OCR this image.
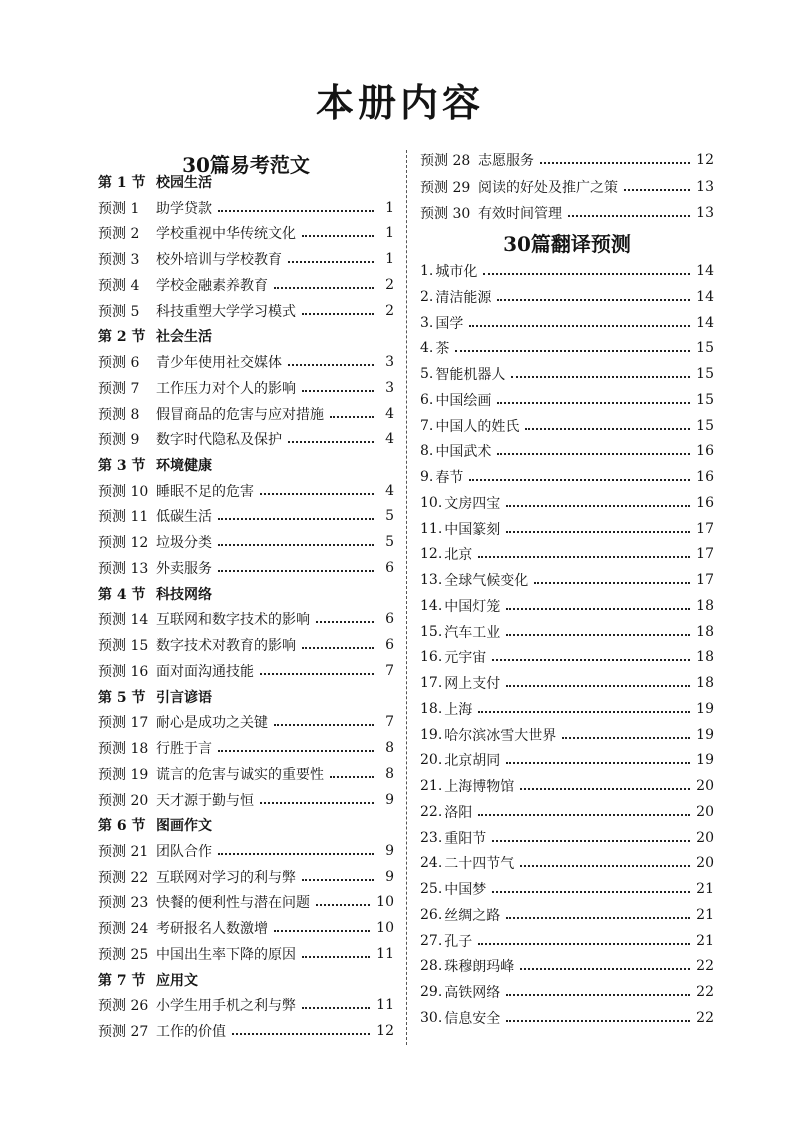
本册内容
30篇易考范文
第 1 节 校园生活
预测 1	助学贷款	1
预测 2	学校重视中华传统文化	1
预测 3	校外培训与学校教育	1
预测 4	学校金融素养教育	2
预测 5	科技重塑大学学习模式	2
第 2 节 社会生活
预测 6	青少年使用社交媒体	3
预测 7	工作压力对个人的影响	3
预测 8	假冒商品的危害与应对措施	4
预测 9	数字时代隐私及保护	4
第 3 节 环境健康
预测 10 睡眠不足的危害	4
预测 11 低碳生活	5
预测 12 垃圾分类	5
预测 13 外卖服务	6
第 4 节 科技网络
预测 14 互联网和数字技术的影响	6
预测 15 数字技术对教育的影响	6
预测 16 面对面沟通技能	7
第 5 节 引言谚语
预测 17 耐心是成功之关键	7
预测 18 行胜于言	8
预测 19 谎言的危害与诚实的重要性	8
预测 20 天才源于勤与恒	9
第 6 节 图画作文
预测 21 团队合作	9
预测 22 互联网对学习的利与弊	9
预测 23 快餐的便利性与潜在问题	10
预测 24 考研报名人数激增	10
预测 25 中国出生率下降的原因	11
第 7 节 应用文
预测 26 小学生用手机之利与弊	11
预测 27 工作的价值	12
预测 28 志愿服务	12
预测 29 阅读的好处及推广之策	13
预测 30 有效时间管理	13
30篇翻译预测
1. 城市化	14
2. 清洁能源	14
3. 国学	14
4. 茶	15
5. 智能机器人	15
6. 中国绘画	15
7. 中国人的姓氏	15
8. 中国武术	16
9. 春节	16
10. 文房四宝	16
11. 中国篆刻	17
12. 北京	17
13. 全球气候变化	17
14. 中国灯笼	18
15. 汽车工业	18
16. 元宇宙	18
17. 网上支付	18
18. 上海	19
19. 哈尔滨冰雪大世界	19
20. 北京胡同	19
21. 上海博物馆	20
22. 洛阳	20
23. 重阳节	20
24. 二十四节气	20
25. 中国梦	21
26. 丝绸之路	21
27. 孔子	21
28. 珠穆朗玛峰	22
29. 高铁网络	22
30. 信息安全	22
